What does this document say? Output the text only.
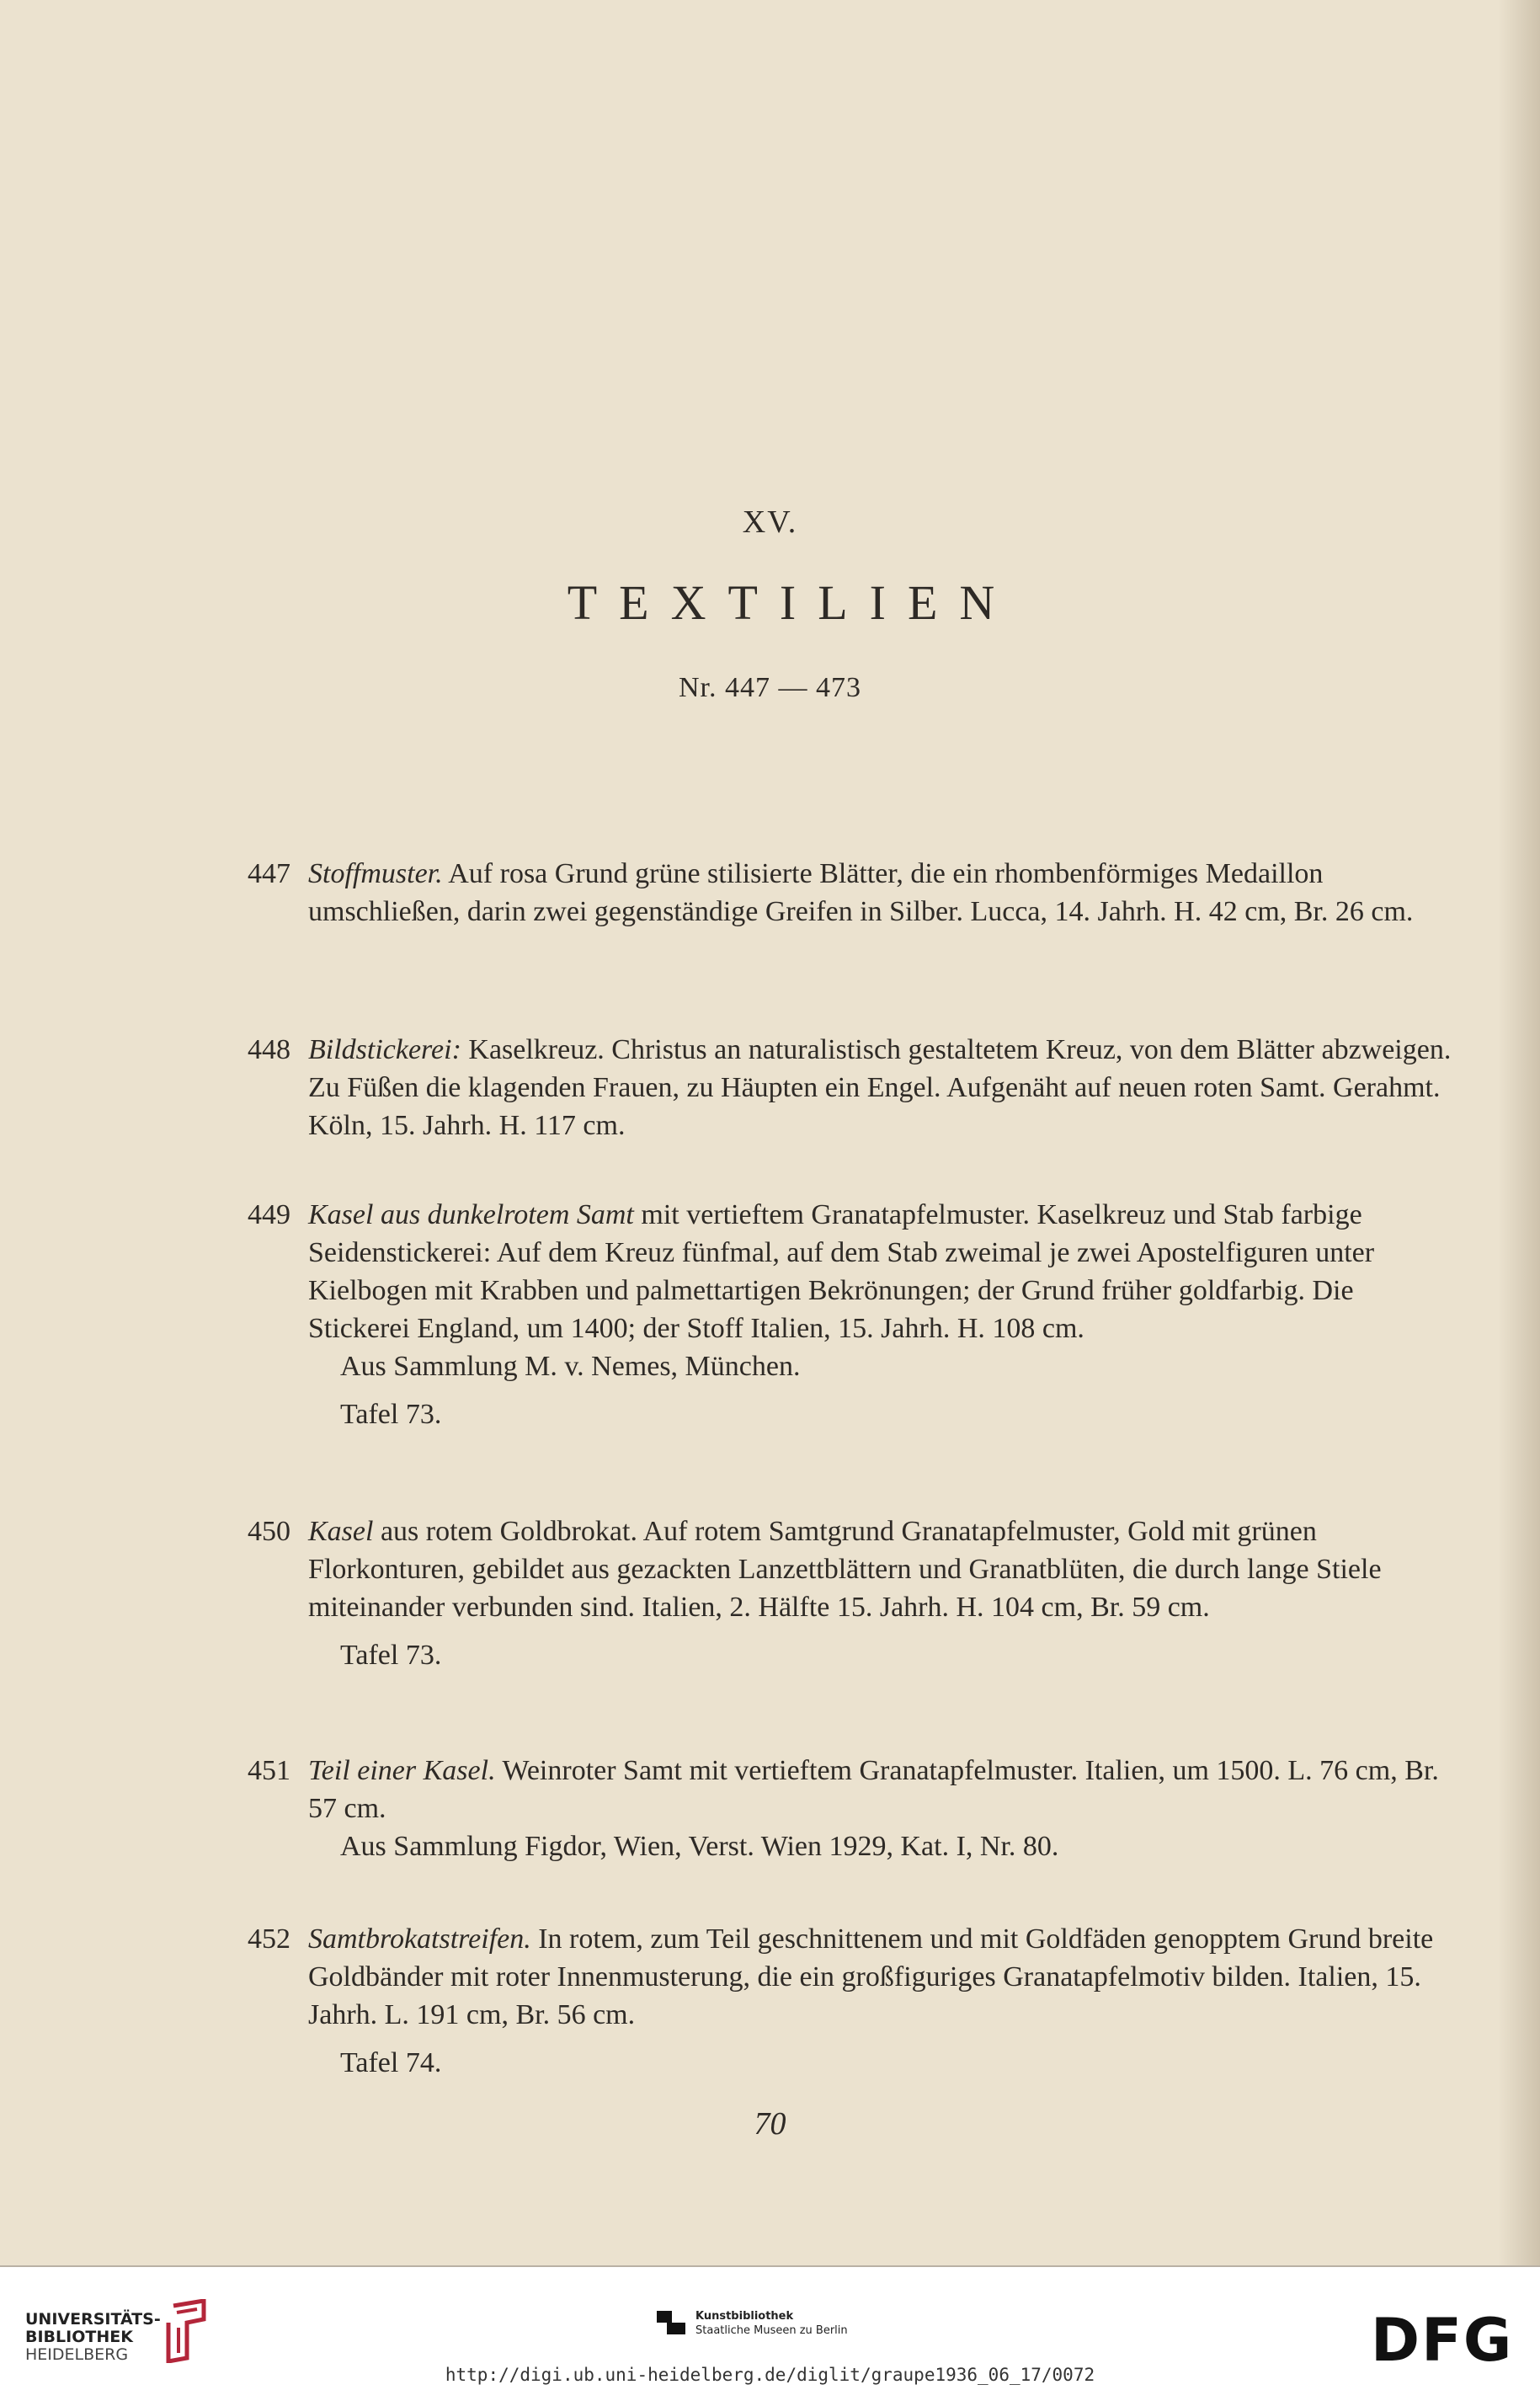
XV.
TEXTILIEN
Nr. 447 — 473
447 Stoffmuster. Auf rosa Grund grüne stilisierte Blätter, die ein rhombenförmiges Medaillon umschließen, darin zwei gegenständige Greifen in Silber. Lucca, 14. Jahrh. H. 42 cm, Br. 26 cm.
448 Bildstickerei: Kaselkreuz. Christus an naturalistisch gestaltetem Kreuz, von dem Blätter abzweigen. Zu Füßen die klagenden Frauen, zu Häupten ein Engel. Aufgenäht auf neuen roten Samt. Gerahmt. Köln, 15. Jahrh. H. 117 cm.
449 Kasel aus dunkelrotem Samt mit vertieftem Granatapfelmuster. Kaselkreuz und Stab farbige Seidenstickerei: Auf dem Kreuz fünfmal, auf dem Stab zweimal je zwei Apostelfiguren unter Kielbogen mit Krabben und palmettartigen Bekrönungen; der Grund früher goldfarbig. Die Stickerei England, um 1400; der Stoff Italien, 15. Jahrh. H. 108 cm.
Aus Sammlung M. v. Nemes, München.
Tafel 73.
450 Kasel aus rotem Goldbrokat. Auf rotem Samtgrund Granatapfelmuster, Gold mit grünen Florkonturen, gebildet aus gezackten Lanzettblättern und Granatblüten, die durch lange Stiele miteinander verbunden sind. Italien, 2. Hälfte 15. Jahrh. H. 104 cm, Br. 59 cm.
Tafel 73.
451 Teil einer Kasel. Weinroter Samt mit vertieftem Granatapfelmuster. Italien, um 1500. L. 76 cm, Br. 57 cm.
Aus Sammlung Figdor, Wien, Verst. Wien 1929, Kat. I, Nr. 80.
452 Samtbrokatstreifen. In rotem, zum Teil geschnittenem und mit Goldfäden genopptem Grund breite Goldbänder mit roter Innenmusterung, die ein großfiguriges Granatapfelmotiv bilden. Italien, 15. Jahrh. L. 191 cm, Br. 56 cm.
Tafel 74.
70
UNIVERSITÄTS-
BIBLIOTHEK
HEIDELBERG
Kunstbibliothek
Staatliche Museen zu Berlin	DFG
http://digi.ub.uni-heidelberg.de/diglit/graupe1936_06_17/0072
